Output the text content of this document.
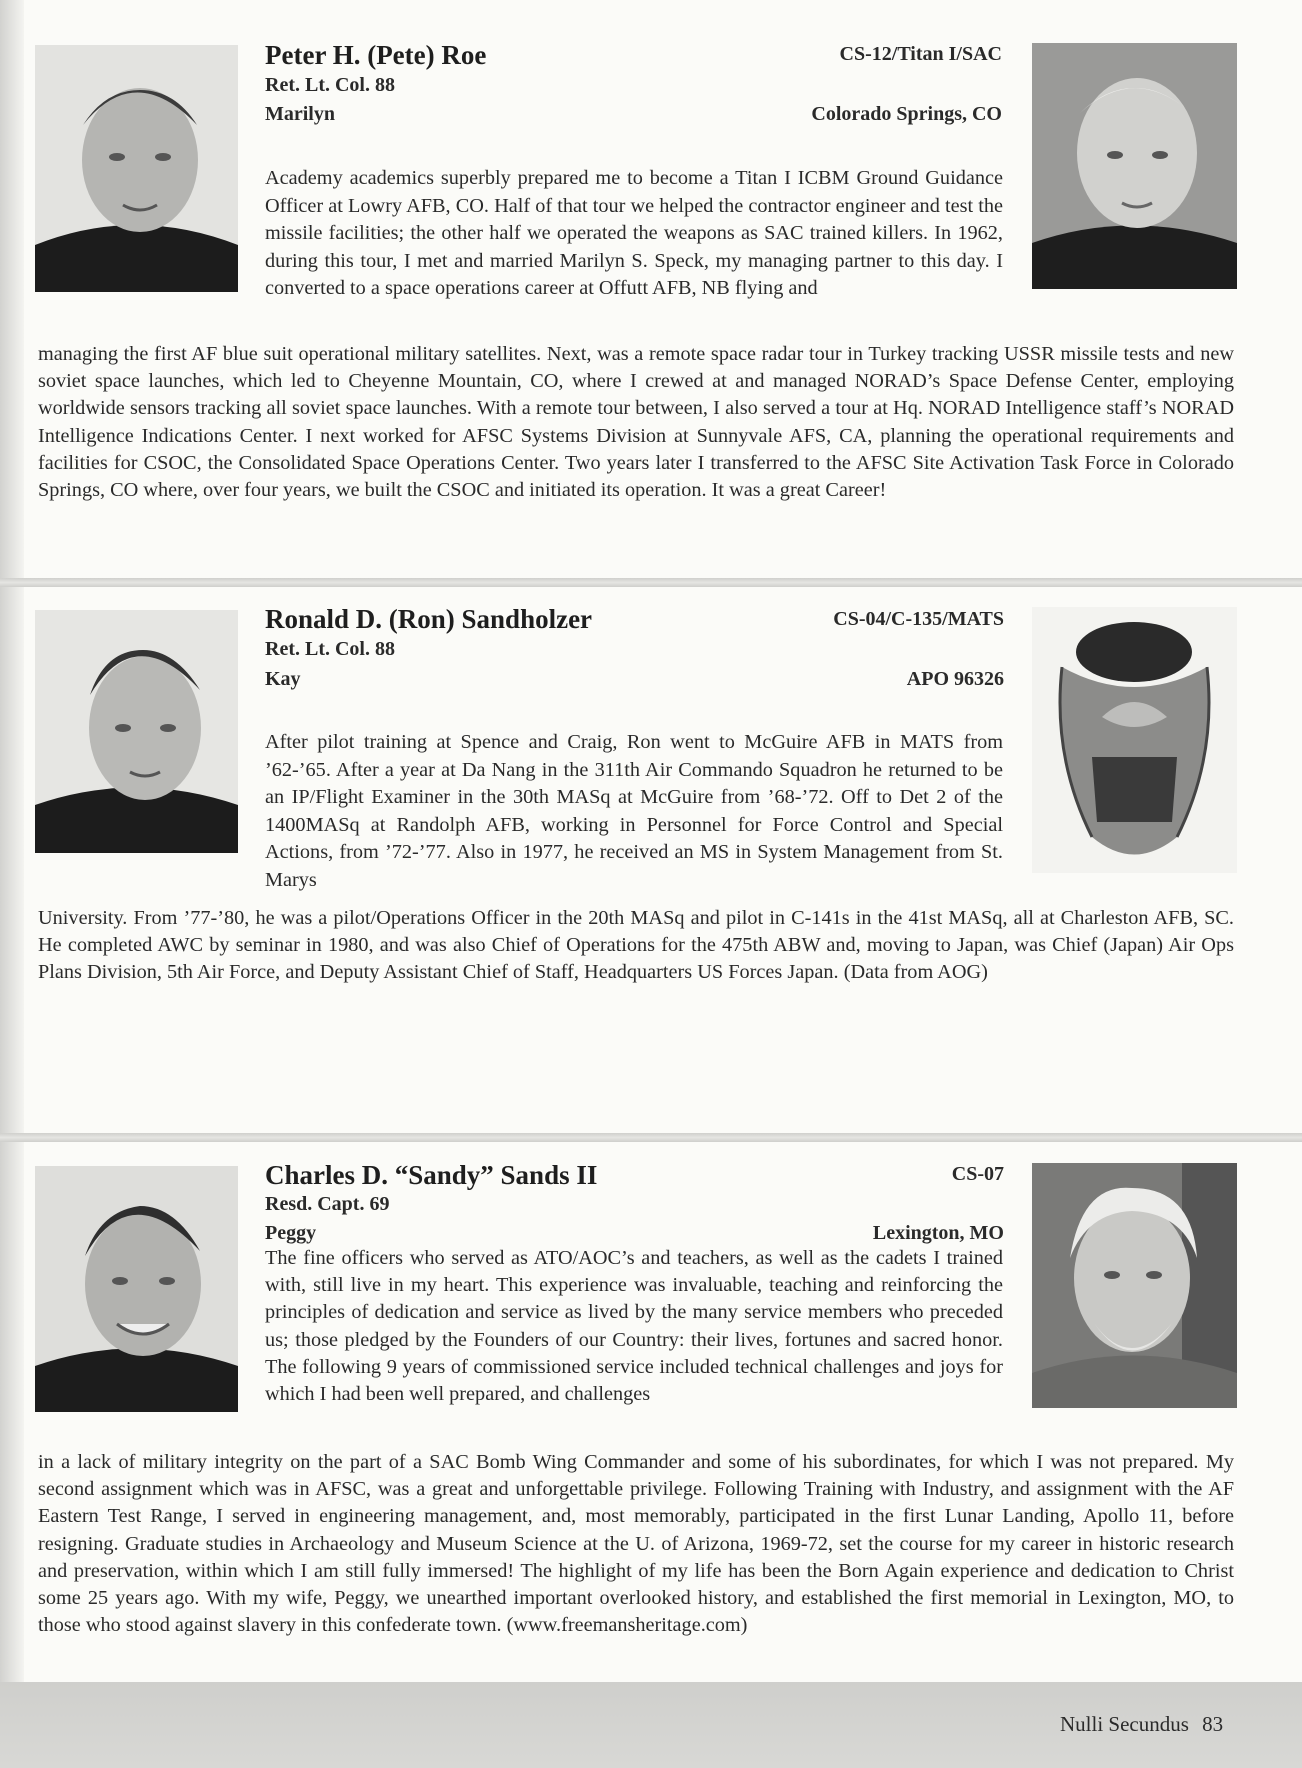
Peter H. (Pete) Roe	CS-12/Titan I/SAC
Ret. Lt. Col. 88
Marilyn	Colorado Springs, CO
Academy academics superbly prepared me to become a Titan I ICBM Ground Guidance Officer at Lowry AFB, CO. Half of that tour we helped the contractor engineer and test the missile facilities; the other half we operated the weapons as SAC trained killers. In 1962, during this tour, I met and married Marilyn S. Speck, my managing partner to this day. I converted to a space operations career at Offutt AFB, NB flying and
managing the first AF blue suit operational military satellites. Next, was a remote space radar tour in Turkey tracking USSR missile tests and new soviet space launches, which led to Cheyenne Mountain, CO, where I crewed at and managed NORAD’s Space Defense Center, employing worldwide sensors tracking all soviet space launches. With a remote tour between, I also served a tour at Hq. NORAD Intelligence staff’s NORAD Intelligence Indications Center. I next worked for AFSC Systems Division at Sunnyvale AFS, CA, planning the operational requirements and facilities for CSOC, the Consolidated Space Operations Center. Two years later I transferred to the AFSC Site Activation Task Force in Colorado Springs, CO where, over four years, we built the CSOC and initiated its operation. It was a great Career!
Ronald D. (Ron) Sandholzer	CS-04/C-135/MATS
Ret. Lt. Col. 88
Kay	APO 96326
After pilot training at Spence and Craig, Ron went to McGuire AFB in MATS from ’62-’65. After a year at Da Nang in the 311th Air Commando Squadron he returned to be an IP/Flight Examiner in the 30th MASq at McGuire from ’68-’72. Off to Det 2 of the 1400MASq at Randolph AFB, working in Personnel for Force Control and Special Actions, from ’72-’77. Also in 1977, he received an MS in System Management from St. Marys
University. From ’77-’80, he was a pilot/Operations Officer in the 20th MASq and pilot in C-141s in the 41st MASq, all at Charleston AFB, SC. He completed AWC by seminar in 1980, and was also Chief of Operations for the 475th ABW and, moving to Japan, was Chief (Japan) Air Ops Plans Division, 5th Air Force, and Deputy Assistant Chief of Staff, Headquarters US Forces Japan. (Data from AOG)
Charles D. “Sandy” Sands II	CS-07
Resd. Capt. 69
Peggy	Lexington, MO
The fine officers who served as ATO/AOC’s and teachers, as well as the cadets I trained with, still live in my heart. This experience was invaluable, teaching and reinforcing the principles of dedication and service as lived by the many service members who preceded us; those pledged by the Founders of our Country: their lives, fortunes and sacred honor. The following 9 years of commissioned service included technical challenges and joys for which I had been well prepared, and challenges
in a lack of military integrity on the part of a SAC Bomb Wing Commander and some of his subordinates, for which I was not prepared. My second assignment which was in AFSC, was a great and unforgettable privilege. Following Training with Industry, and assignment with the AF Eastern Test Range, I served in engineering management, and, most memorably, participated in the first Lunar Landing, Apollo 11, before resigning. Graduate studies in Archaeology and Museum Science at the U. of Arizona, 1969-72, set the course for my career in historic research and preservation, within which I am still fully immersed! The highlight of my life has been the Born Again experience and dedication to Christ some 25 years ago. With my wife, Peggy, we unearthed important overlooked history, and established the first memorial in Lexington, MO, to those who stood against slavery in this confederate town. (www.freemansheritage.com)
Nulli Secundus 83
